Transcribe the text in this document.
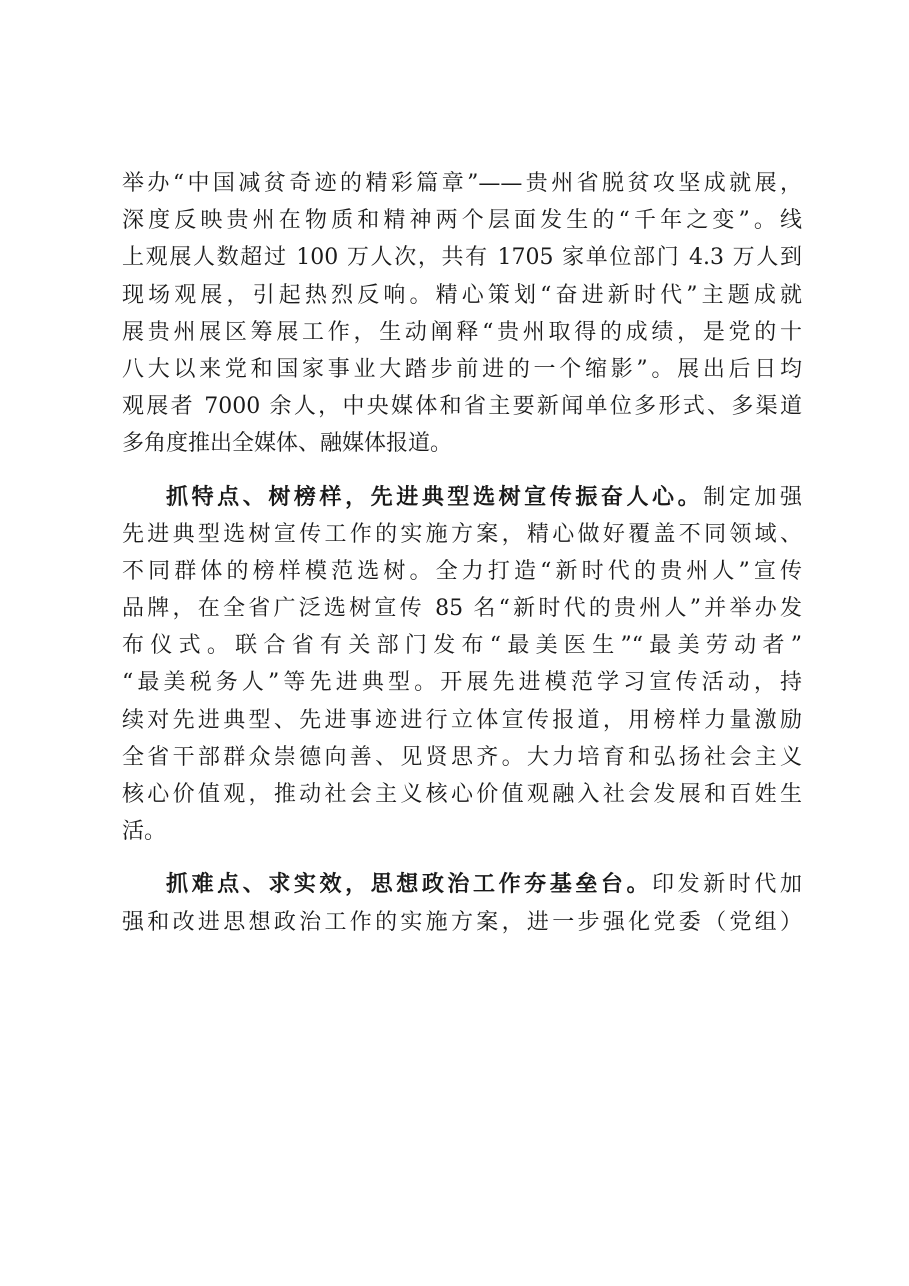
举办“中国减贫奇迹的精彩篇章”——贵州省脱贫攻坚成就展，
深度反映贵州在物质和精神两个层面发生的“千年之变”。线
上观展人数超过 100 万人次，共有 1705 家单位部门 4.3 万人到
现场观展，引起热烈反响。精心策划“奋进新时代”主题成就
展贵州展区筹展工作，生动阐释“贵州取得的成绩，是党的十
八大以来党和国家事业大踏步前进的一个缩影”。展出后日均
观展者 7000 余人，中央媒体和省主要新闻单位多形式、多渠道
多角度推出全媒体、融媒体报道。
抓特点、树榜样，先进典型选树宣传振奋人心。制定加强
先进典型选树宣传工作的实施方案，精心做好覆盖不同领域、
不同群体的榜样模范选树。全力打造“新时代的贵州人”宣传
品牌，在全省广泛选树宣传 85 名“新时代的贵州人”并举办发
布仪式。联合省有关部门发布“最美医生”“最美劳动者”
“最美税务人”等先进典型。开展先进模范学习宣传活动，持
续对先进典型、先进事迹进行立体宣传报道，用榜样力量激励
全省干部群众崇德向善、见贤思齐。大力培育和弘扬社会主义
核心价值观，推动社会主义核心价值观融入社会发展和百姓生
活。
抓难点、求实效，思想政治工作夯基垒台。印发新时代加
强和改进思想政治工作的实施方案，进一步强化党委（党组）
